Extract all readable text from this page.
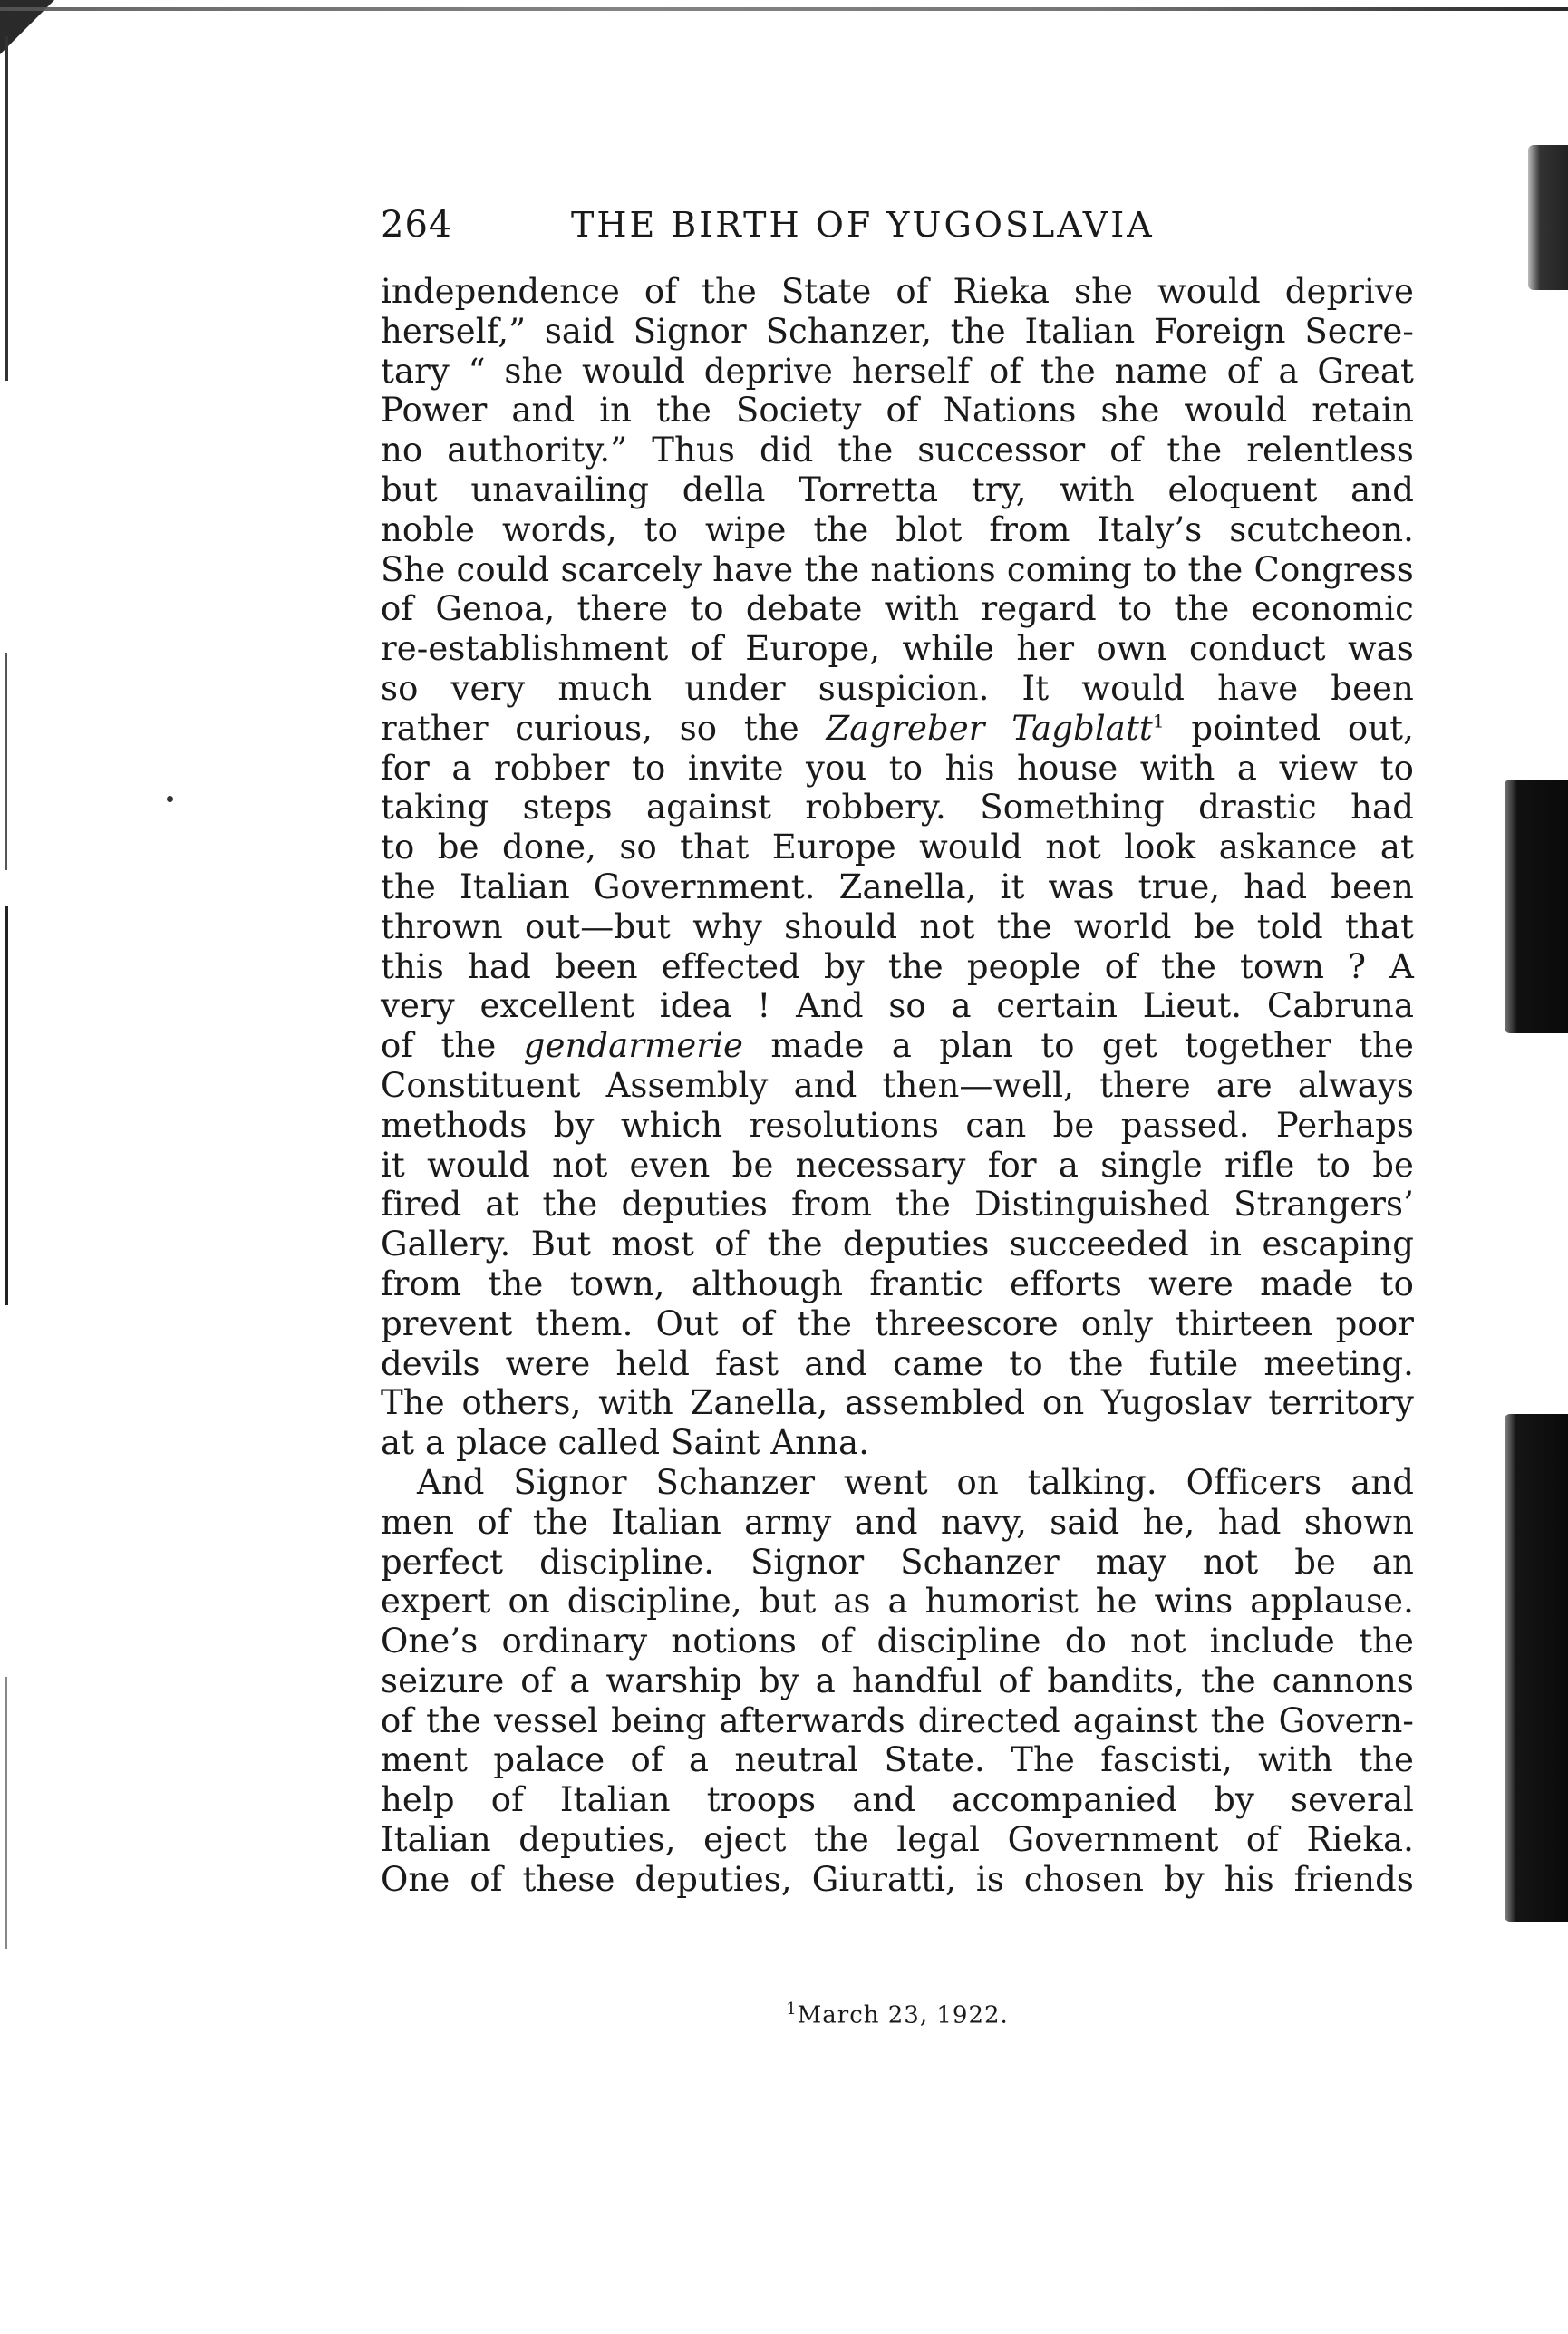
264	THE BIRTH OF YUGOSLAVIA
independence of the State of Rieka she would deprive
herself,” said Signor Schanzer, the Italian Foreign Secre-
tary “ she would deprive herself of the name of a Great
Power and in the Society of Nations she would retain
no authority.” Thus did the successor of the relentless
but unavailing della Torretta try, with eloquent and
noble words, to wipe the blot from Italy’s scutcheon.
She could scarcely have the nations coming to the Congress
of Genoa, there to debate with regard to the economic
re-establishment of Europe, while her own conduct was
so very much under suspicion. It would have been
rather curious, so the Zagreber Tagblatt$^1$ pointed out,
for a robber to invite you to his house with a view to
taking steps against robbery. Something drastic had
to be done, so that Europe would not look askance at
the Italian Government. Zanella, it was true, had been
thrown out—but why should not the world be told that
this had been effected by the people of the town ? A
very excellent idea ! And so a certain Lieut. Cabruna
of the gendarmerie made a plan to get together the
Constituent Assembly and then—well, there are always
methods by which resolutions can be passed. Perhaps
it would not even be necessary for a single rifle to be
fired at the deputies from the Distinguished Strangers’
Gallery. But most of the deputies succeeded in escaping
from the town, although frantic efforts were made to
prevent them. Out of the threescore only thirteen poor
devils were held fast and came to the futile meeting.
The others, with Zanella, assembled on Yugoslav territory
at a place called Saint Anna.
And Signor Schanzer went on talking. Officers and
men of the Italian army and navy, said he, had shown
perfect discipline. Signor Schanzer may not be an
expert on discipline, but as a humorist he wins applause.
One’s ordinary notions of discipline do not include the
seizure of a warship by a handful of bandits, the cannons
of the vessel being afterwards directed against the Govern-
ment palace of a neutral State. The fascisti, with the
help of Italian troops and accompanied by several
Italian deputies, eject the legal Government of Rieka.
One of these deputies, Giuratti, is chosen by his friends
$^1$March 23, 1922.
